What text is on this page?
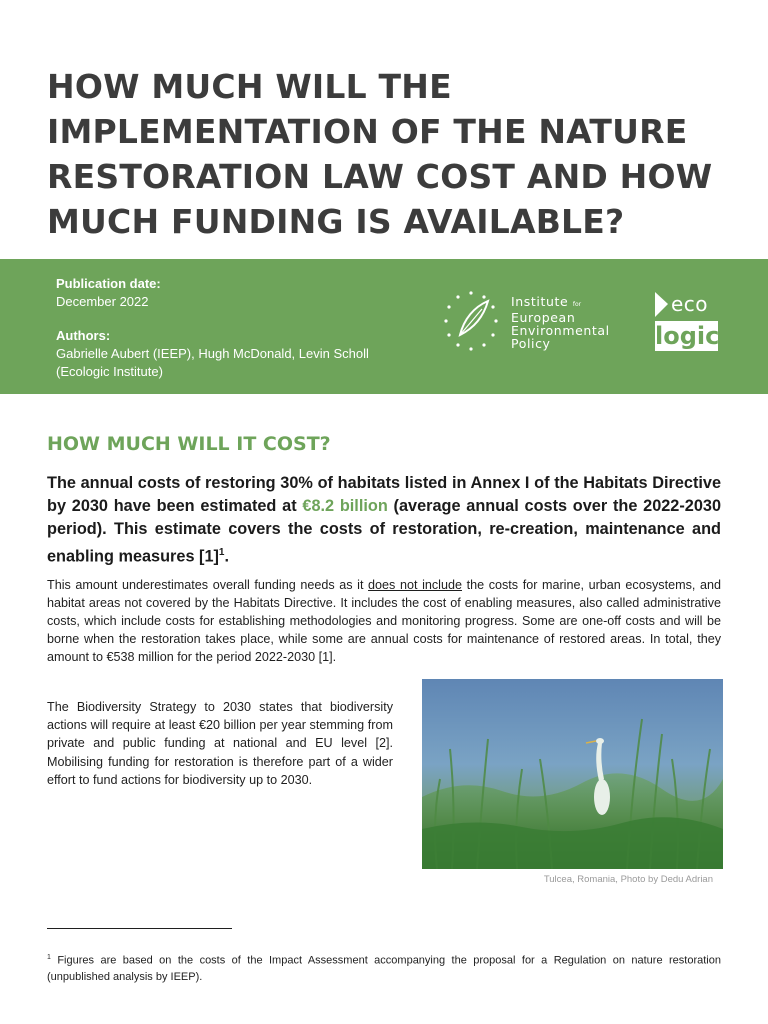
HOW MUCH WILL THE
IMPLEMENTATION OF THE NATURE
RESTORATION LAW COST AND HOW
MUCH FUNDING IS AVAILABLE?
Publication date:
December 2022
Authors:
Gabrielle Aubert (IEEP), Hugh McDonald, Levin Scholl
(Ecologic Institute)
Institute for
European
Environmental
Policy
eco
logic
HOW MUCH WILL IT COST?

The annual costs of restoring 30% of habitats listed in Annex I of the Habitats Directive by 2030 have been estimated at €8.2 billion (average annual costs over the 2022-2030 period). This estimate covers the costs of restoration, re-creation, maintenance and enabling measures $[1]^1$.

This amount underestimates overall funding needs as it does not include the costs for marine, urban ecosystems, and habitat areas not covered by the Habitats Directive. It includes the cost of enabling measures, also called administrative costs, which include costs for establishing methodologies and monitoring progress. Some are one-off costs and will be borne when the restoration takes place, while some are annual costs for maintenance of restored areas. In total, they amount to €538 million for the period 2022-2030 [1].

The Biodiversity Strategy to 2030 states that biodiversity actions will require at least €20 billion per year stemming from private and public funding at national and EU level [2]. Mobilising funding for restoration is therefore part of a wider effort to fund actions for biodiversity up to 2030.

Tulcea, Romania, Photo by Dedu Adrian

$^1$ Figures are based on the costs of the Impact Assessment accompanying the proposal for a Regulation on nature restoration (unpublished analysis by IEEP).
